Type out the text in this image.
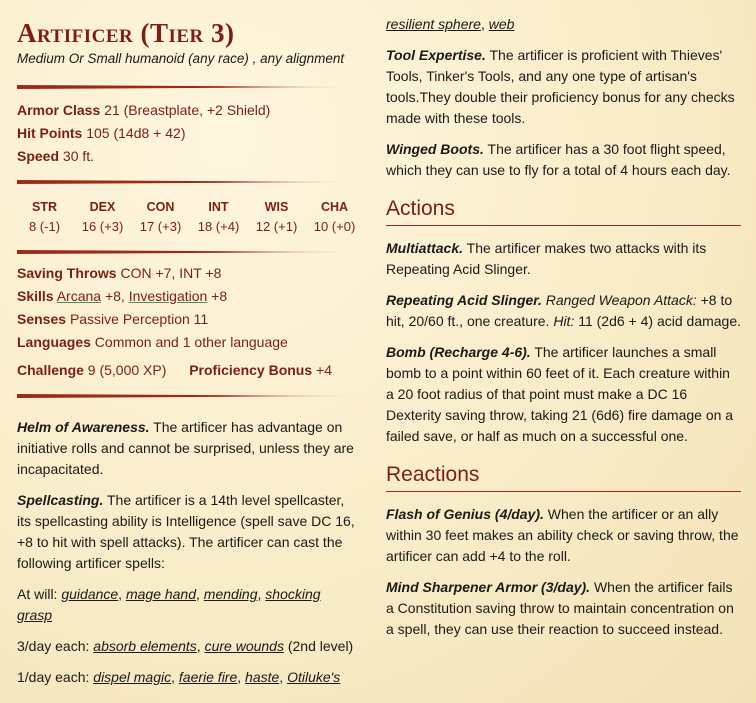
Artificer (Tier 3)
Medium Or Small humanoid (any race) , any alignment
Armor Class 21 (Breastplate, +2 Shield)
Hit Points 105 (14d8 + 42)
Speed 30 ft.
STR
8 (-1)
DEX
16 (+3)
CON
17 (+3)
INT
18 (+4)
WIS
12 (+1)
CHA
10 (+0)
Saving Throws CON +7, INT +8
Skills Arcana +8, Investigation +8
Senses Passive Perception 11
Languages Common and 1 other language
Challenge 9 (5,000 XP) Proficiency Bonus +4
Helm of Awareness. The artificer has advantage on initiative rolls and cannot be surprised, unless they are incapacitated.
Spellcasting. The artificer is a 14th level spellcaster, its spellcasting ability is Intelligence (spell save DC 16, +8 to hit with spell attacks). The artificer can cast the following artificer spells:
At will: guidance, mage hand, mending, shocking grasp
3/day each: absorb elements, cure wounds (2nd level)
1/day each: dispel magic, faerie fire, haste, Otiluke's
resilient sphere, web
Tool Expertise. The artificer is proficient with Thieves' Tools, Tinker's Tools, and any one type of artisan's tools.They double their proficiency bonus for any checks made with these tools.
Winged Boots. The artificer has a 30 foot flight speed, which they can use to fly for a total of 4 hours each day.
Actions
Multiattack. The artificer makes two attacks with its Repeating Acid Slinger.
Repeating Acid Slinger. Ranged Weapon Attack: +8 to hit, 20/60 ft., one creature. Hit: 11 (2d6 + 4) acid damage.
Bomb (Recharge 4-6). The artificer launches a small bomb to a point within 60 feet of it. Each creature within a 20 foot radius of that point must make a DC 16 Dexterity saving throw, taking 21 (6d6) fire damage on a failed save, or half as much on a successful one.
Reactions
Flash of Genius (4/day). When the artificer or an ally within 30 feet makes an ability check or saving throw, the artificer can add +4 to the roll.
Mind Sharpener Armor (3/day). When the artificer fails a Constitution saving throw to maintain concentration on a spell, they can use their reaction to succeed instead.
